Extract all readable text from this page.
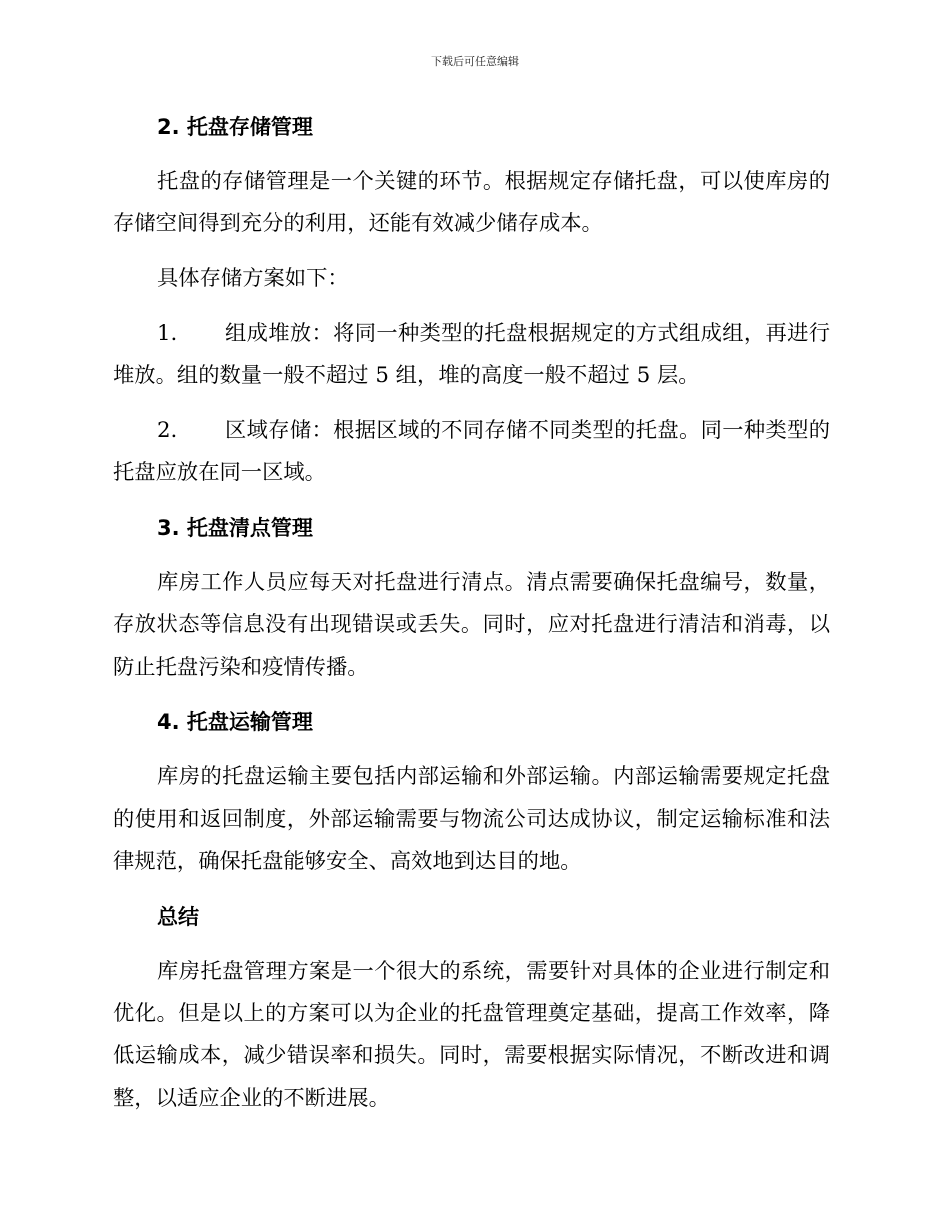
下载后可任意编辑
2. 托盘存储管理
托盘的存储管理是一个关键的环节。根据规定存储托盘，可以使库房的
存储空间得到充分的利用，还能有效减少储存成本。
具体存储方案如下：
1.	组成堆放：将同一种类型的托盘根据规定的方式组成组，再进行
堆放。组的数量一般不超过 5 组，堆的高度一般不超过 5 层。
2.	区域存储：根据区域的不同存储不同类型的托盘。同一种类型的
托盘应放在同一区域。
3. 托盘清点管理
库房工作人员应每天对托盘进行清点。清点需要确保托盘编号，数量，
存放状态等信息没有出现错误或丢失。同时，应对托盘进行清洁和消毒，以
防止托盘污染和疫情传播。
4. 托盘运输管理
库房的托盘运输主要包括内部运输和外部运输。内部运输需要规定托盘
的使用和返回制度，外部运输需要与物流公司达成协议，制定运输标准和法
律规范，确保托盘能够安全、高效地到达目的地。
总结
库房托盘管理方案是一个很大的系统，需要针对具体的企业进行制定和
优化。但是以上的方案可以为企业的托盘管理奠定基础，提高工作效率，降
低运输成本，减少错误率和损失。同时，需要根据实际情况，不断改进和调
整，以适应企业的不断进展。
